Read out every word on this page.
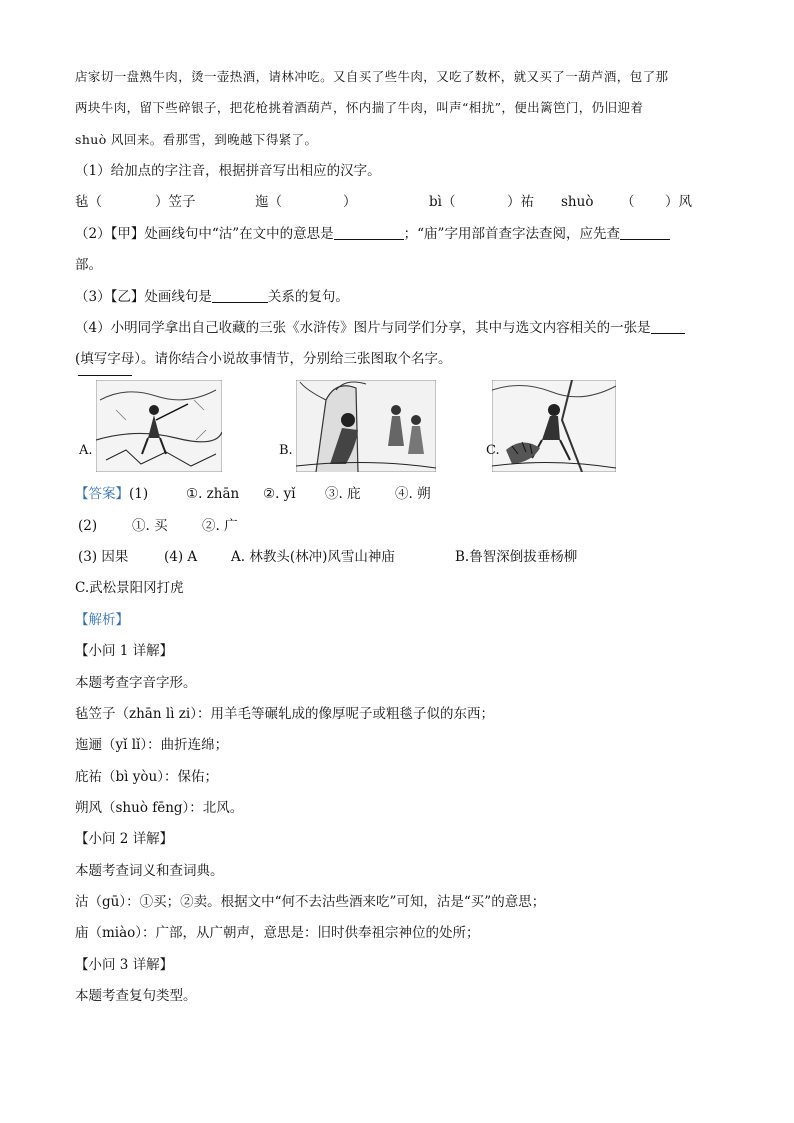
店家切一盘熟牛肉，烫一壶热酒，请林冲吃。又自买了些牛肉，又吃了数杯，就又买了一葫芦酒，包了那
两块牛肉，留下些碎银子，把花枪挑着酒葫芦，怀内揣了牛肉，叫声“相扰”，便出篱笆门，仍旧迎着
shuò 风回来。看那雪，到晚越下得紧了。
（1）给加点的字注音，根据拼音写出相应的汉字。
毡（	）笠子	迤（	）	bì（	）祐 shuò （ ）风
（2）【甲】处画线句中“沽”在文中的意思是	；“庙”字用部首查字法查阅，应先查
部。
（3）【乙】处画线句是	关系的复句。
（4）小明同学拿出自己收藏的三张《水浒传》图片与同学们分享，其中与选文内容相关的一张是
(填写字母）。请你结合小说故事情节，分别给三张图取个名字。
A.	B.	C.
【答案】 (1)	①. zhān ②. yǐ ③. 庇	④. 朔
(2)	①. 买	②. 广
(3) 因果	(4) A	A. 林教头(林冲)风雪山神庙	B.鲁智深倒拔垂杨柳
C.武松景阳冈打虎
【解析】
【小问 1 详解】
本题考查字音字形。
毡笠子（zhān lì zi）：用羊毛等碾轧成的像厚呢子或粗毯子似的东西；
迤逦（yǐ lǐ）：曲折连绵；
庇祐（bì yòu）：保佑；
朔风（shuò fēng）：北风。
【小问 2 详解】
本题考查词义和查词典。
沽（gū）：①买；②卖。根据文中“何不去沽些酒来吃”可知，沽是“买”的意思；
庙（miào）：广部，从广朝声，意思是：旧时供奉祖宗神位的处所；
【小问 3 详解】
本题考查复句类型。
